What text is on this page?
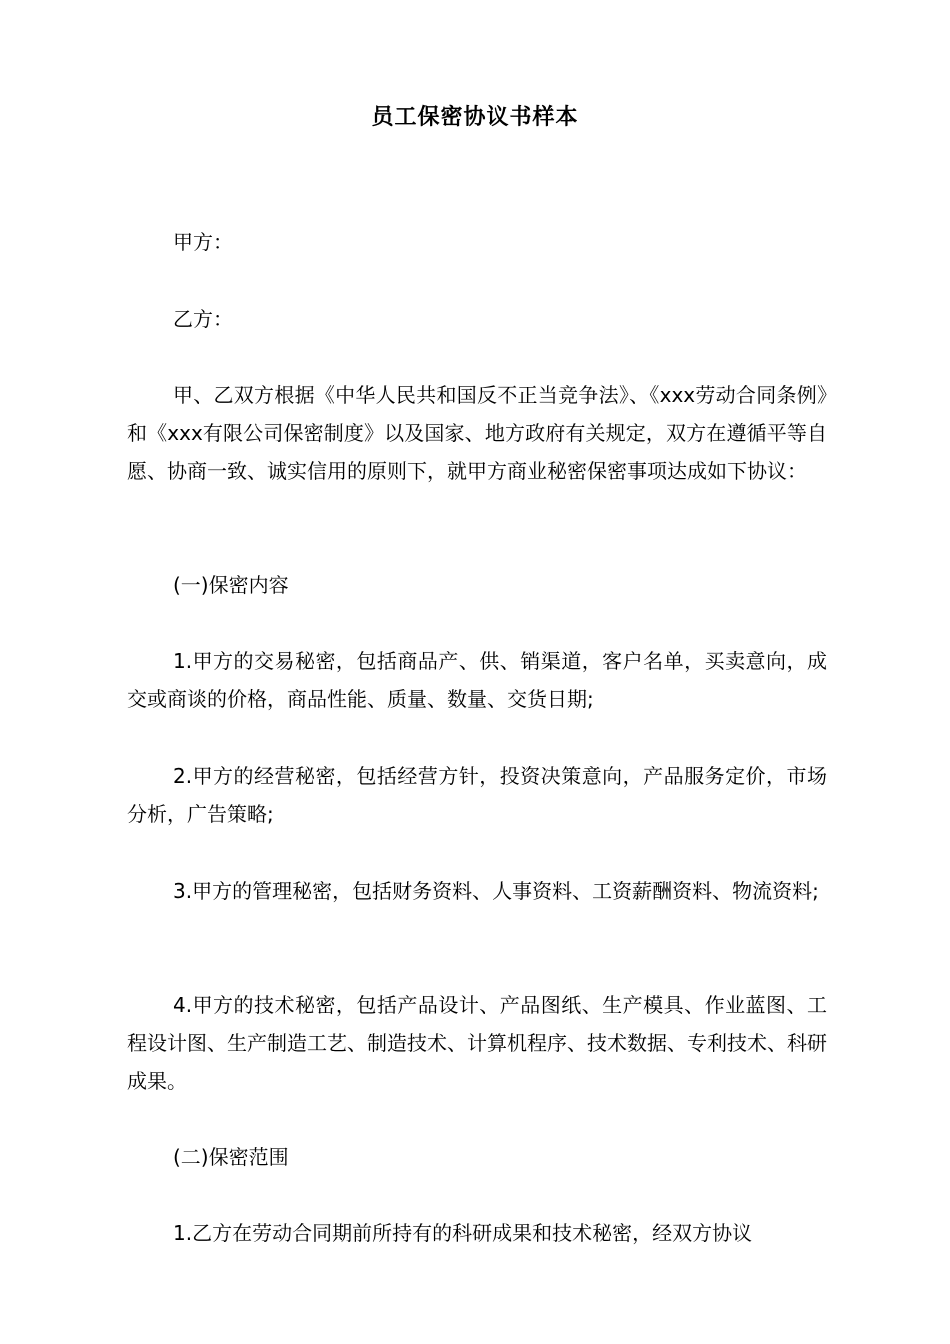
员工保密协议书样本
甲方：
乙方：
甲、乙双方根据《中华人民共和国反不正当竞争法》、《xxx劳动合同条例》和《xxx有限公司保密制度》以及国家、地方政府有关规定，双方在遵循平等自愿、协商一致、诚实信用的原则下，就甲方商业秘密保密事项达成如下协议：
(一)保密内容
1.甲方的交易秘密，包括商品产、供、销渠道，客户名单，买卖意向，成交或商谈的价格，商品性能、质量、数量、交货日期;
2.甲方的经营秘密，包括经营方针，投资决策意向，产品服务定价，市场分析，广告策略;
3.甲方的管理秘密，包括财务资料、人事资料、工资薪酬资料、物流资料;
4.甲方的技术秘密，包括产品设计、产品图纸、生产模具、作业蓝图、工程设计图、生产制造工艺、制造技术、计算机程序、技术数据、专利技术、科研成果。
(二)保密范围
1.乙方在劳动合同期前所持有的科研成果和技术秘密，经双方协议
